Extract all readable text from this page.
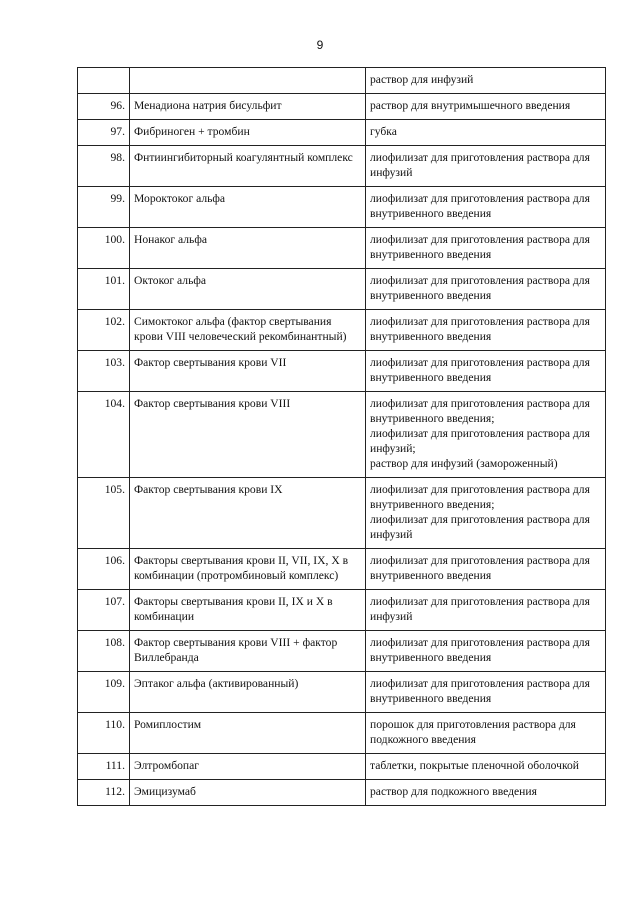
9

		раствор для инфузий

96.	Менадиона натрия бисульфит	раствор для внутримышечного введения

97.	Фибриноген + тромбин	губка

98.	Фнтиингибиторный коагулянтный комплекс	лиофилизат для приготовления раствора для инфузий

99.	Мороктоког альфа	лиофилизат для приготовления раствора для внутривенного введения

100.	Нонаког альфа	лиофилизат для приготовления раствора для внутривенного введения

101.	Октоког альфа	лиофилизат для приготовления раствора для внутривенного введения

102.	Симоктоког альфа (фактор свертывания крови VIII человеческий рекомбинантный)	лиофилизат для приготовления раствора для внутривенного введения

103.	Фактор свертывания крови VII	лиофилизат для приготовления раствора для внутривенного введения

104.	Фактор свертывания крови VIII	лиофилизат для приготовления раствора для внутривенного введения;
лиофилизат для приготовления раствора для инфузий;
раствор для инфузий (замороженный)

105.	Фактор свертывания крови IX	лиофилизат для приготовления раствора для внутривенного введения;
лиофилизат для приготовления раствора для инфузий

106.	Факторы свертывания крови II, VII, IX, X в комбинации (протромбиновый комплекс)	лиофилизат для приготовления раствора для внутривенного введения

107.	Факторы свертывания крови II, IX и X в комбинации	лиофилизат для приготовления раствора для инфузий

108.	Фактор свертывания крови VIII + фактор Виллебранда	лиофилизат для приготовления раствора для внутривенного введения

109.	Эптаког альфа (активированный)	лиофилизат для приготовления раствора для внутривенного введения

110.	Ромиплостим	порошок для приготовления раствора для подкожного введения

111.	Элтромбопаг	таблетки, покрытые пленочной оболочкой

112.	Эмицизумаб	раствор для подкожного введения
